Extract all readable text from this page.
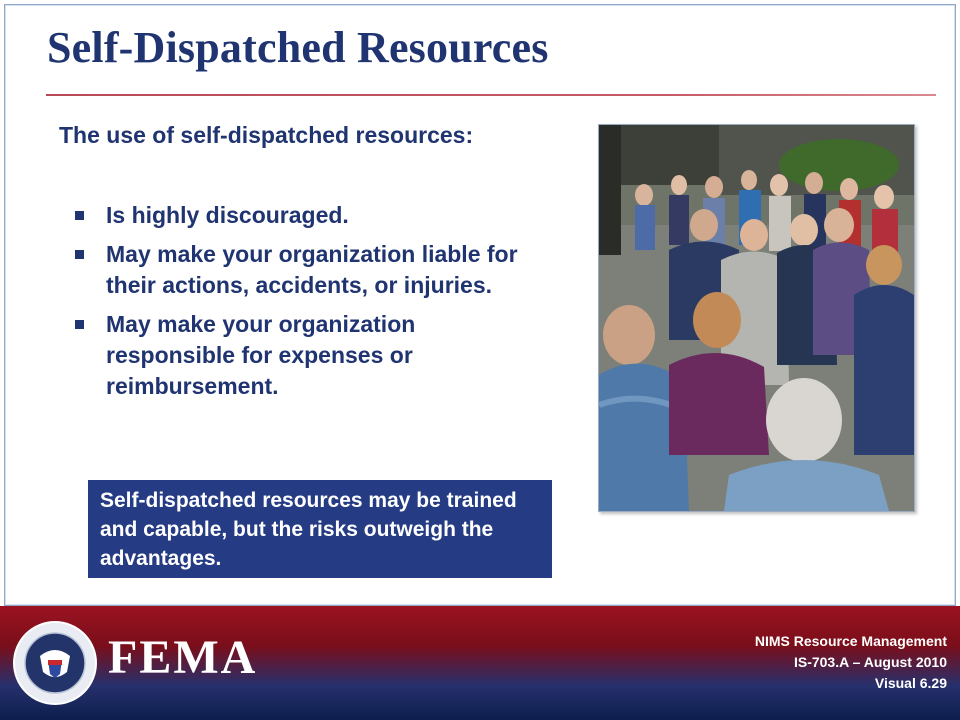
Self-Dispatched Resources
The use of self-dispatched resources:
Is highly discouraged.
May make your organization liable for their actions, accidents, or injuries.
May make your organization responsible for expenses or reimbursement.
Self-dispatched resources may be trained and capable, but the risks outweigh the advantages.
FEMA	NIMS Resource Management
IS-703.A – August 2010
Visual 6.29
